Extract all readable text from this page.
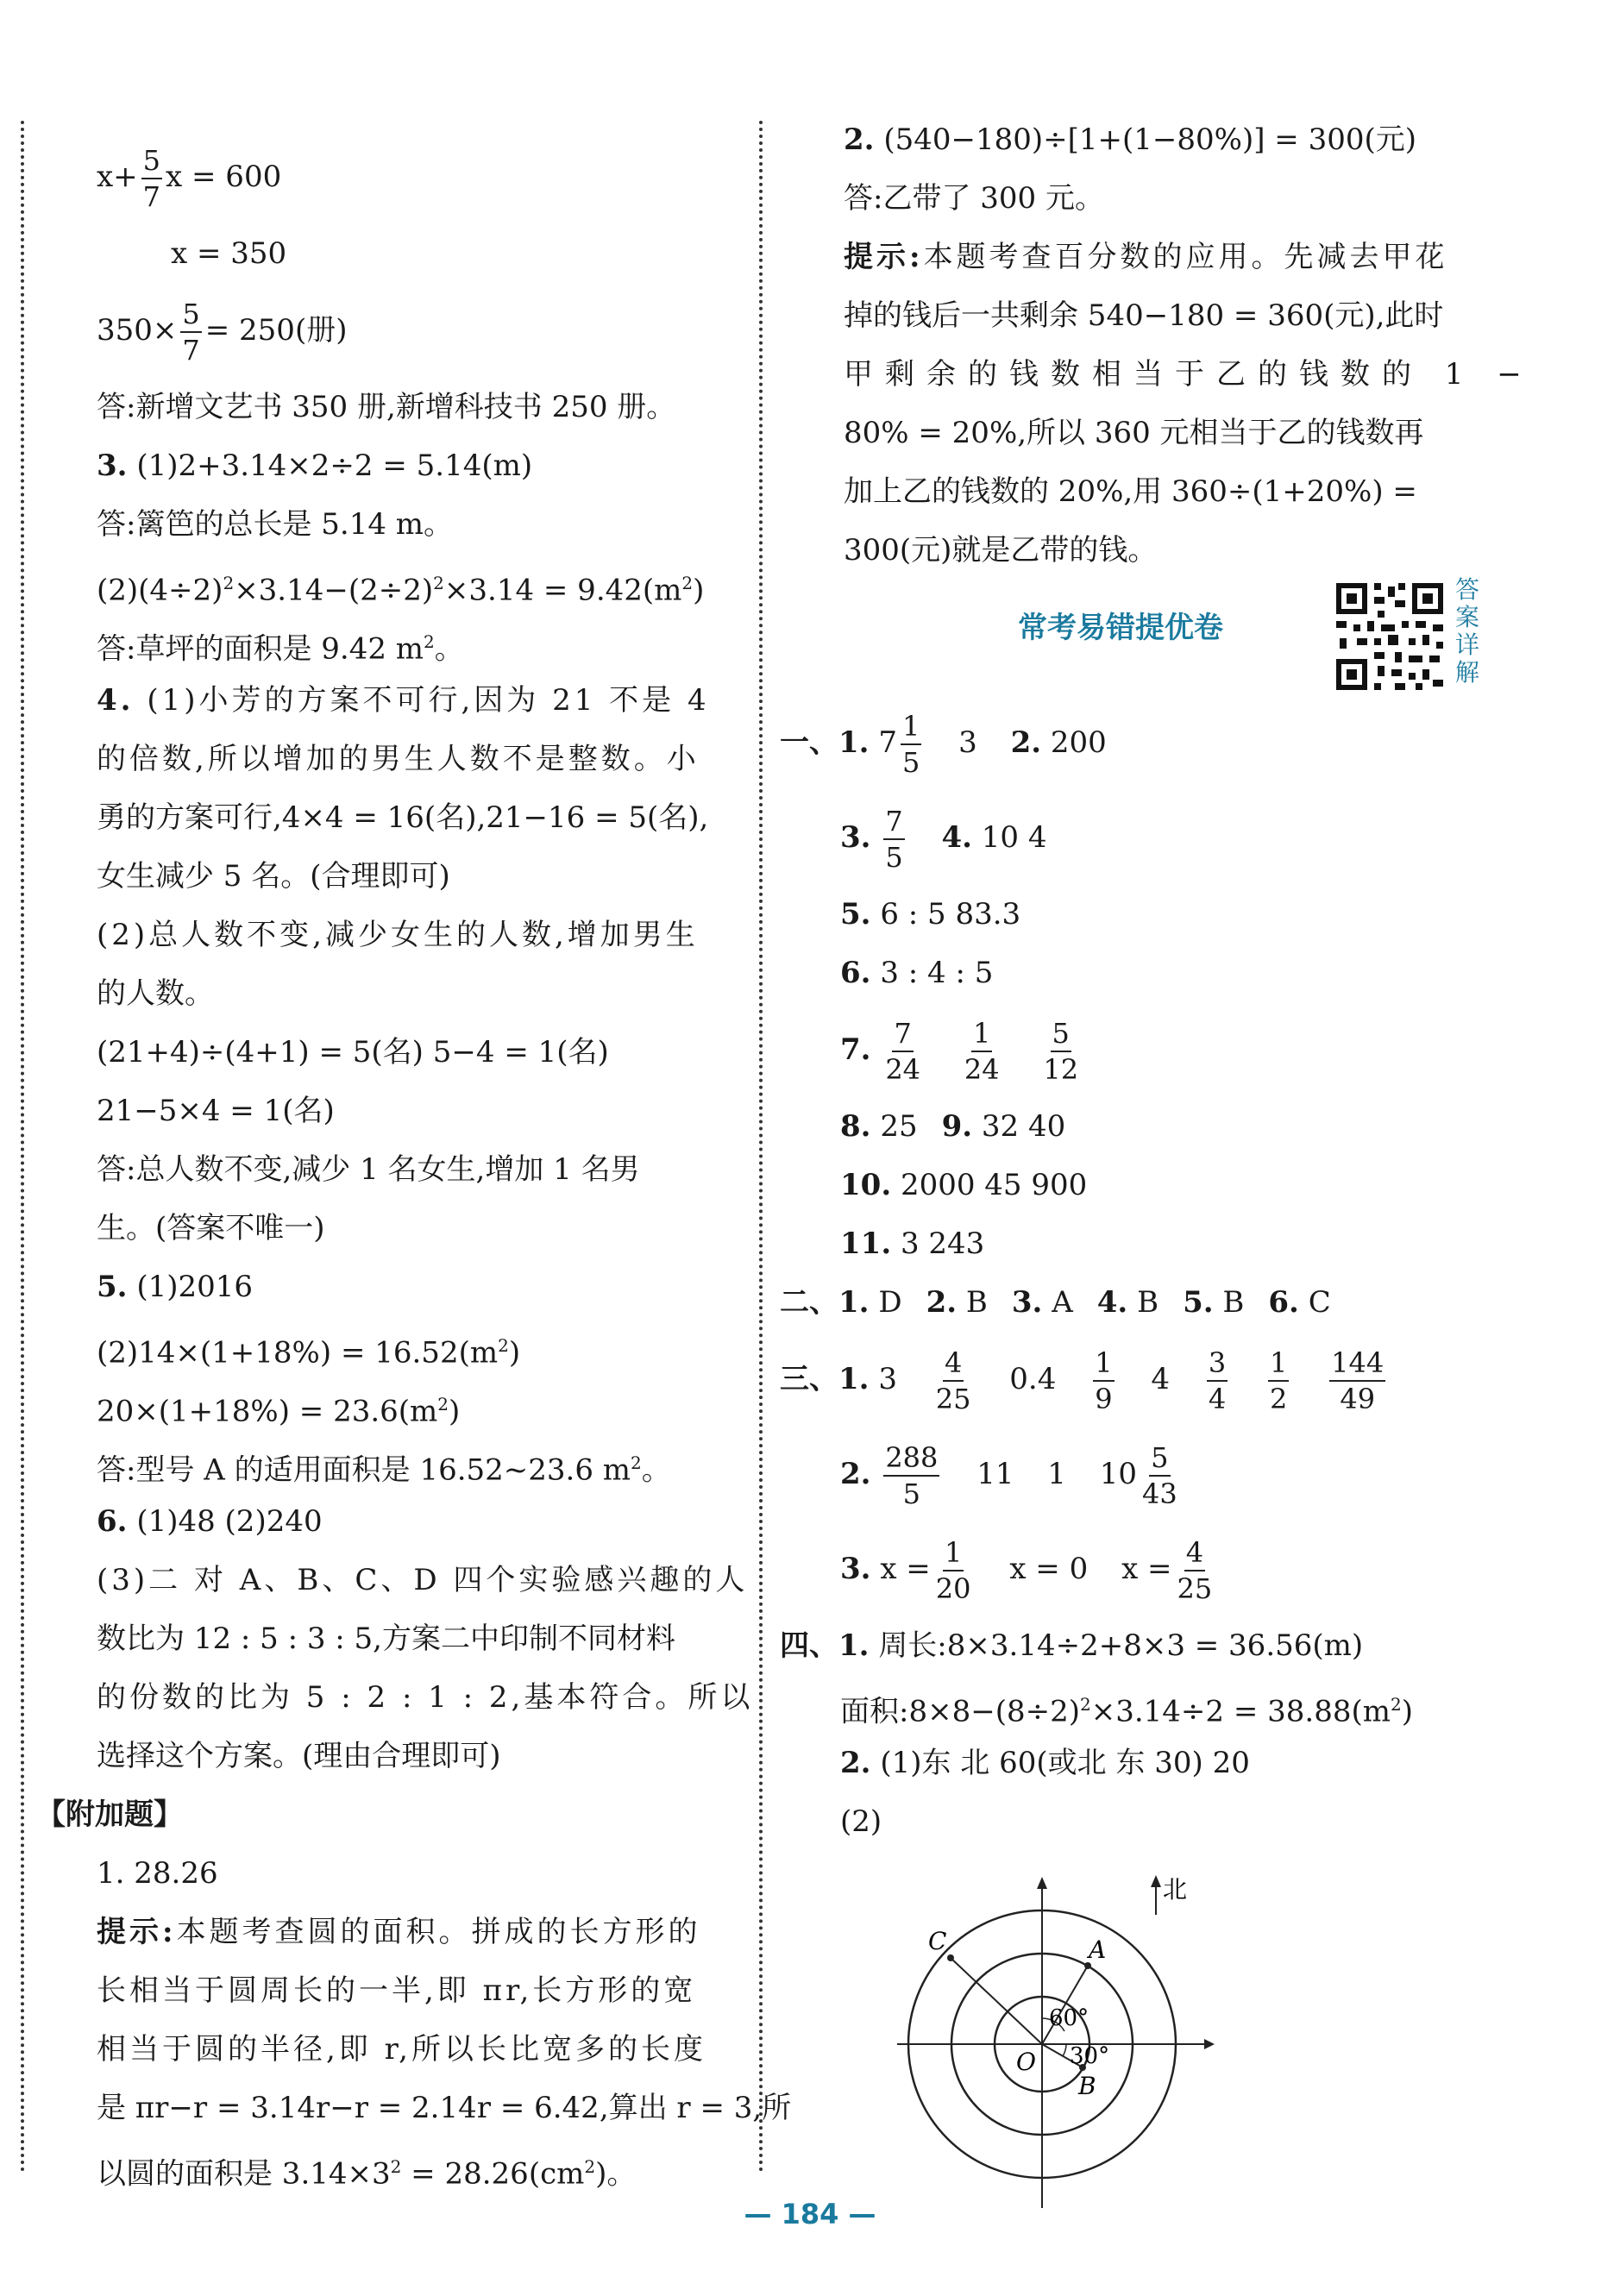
$x+ \frac{5}{7}$ x = 600
x = 350
$350\times \frac{5}{7} = 250$(册)
答:新增文艺书 350 册,新增科技书 250 册。
3. (1)2+3.14×2÷2 = 5.14(m)
答:篱笆的总长是 5.14 m。
$(2)(4\div 2)^2\times 3.14-(2\div 2)^2\times 3.14 = 9.42(m^2)$
答:草坪的面积是 9.42 $m^2$。
4. (1)小芳的方案不可行,因为 21 不是 4
的倍数,所以增加的男生人数不是整数。小
勇的方案可行,4×4 = 16(名),21−16 = 5(名),
女生减少 5 名。(合理即可)
(2)总人数不变,减少女生的人数,增加男生
的人数。
(21+4)÷(4+1) = 5(名) 5−4 = 1(名)
21−5×4 = 1(名)
答:总人数不变,减少 1 名女生,增加 1 名男
生。(答案不唯一)
5. (1)2016
$(2)14\times(1+18\%) = 16.52(m^2)$
$20\times(1+18\%) = 23.6(m^2)$
答:型号 A 的适用面积是 16.52~23.6 $m^2$。
6. (1)48 (2)240
(3)二 对 A、B、C、D 四个实验感兴趣的人
数比为 12 : 5 : 3 : 5,方案二中印制不同材料
的份数的比为 5 : 2 : 1 : 2,基本符合。所以
选择这个方案。(理由合理即可)
【附加题】
1. 28.26
提示:本题考查圆的面积。拼成的长方形的
长相当于圆周长的一半,即 πr,长方形的宽
相当于圆的半径,即 r,所以长比宽多的长度
是 πr−r = 3.14r−r = 2.14r = 6.42,算出 r = 3,所
以圆的面积是 $3.14\times 3^2 = 28.26(cm^2)$。
2. (540−180)÷[1+(1−80%)] = 300(元)
答:乙带了 300 元。
提示:本题考查百分数的应用。先减去甲花
掉的钱后一共剩余 540−180 = 360(元),此时
甲剩余的钱数相当于乙的钱数的 1 −
80% = 20%,所以 360 元相当于乙的钱数再
加上乙的钱数的 20%,用 360÷(1+20%) =
300(元)就是乙带的钱。
常考易错提优卷
答案详解
一、1. $7 \frac{1}{5} 3$ 2. 200
3. $\frac{7}{5} 4$. 10 4
5. 6 : 5 83.3
6. 3 : 4 : 5
7. $\frac{7}{24}$
$\frac{1}{24}$
$\frac{5}{12}$
8. 25 9. 32 40
10. 2000 45 900
11. 3 243
二、1. D 2. B 3. A 4. B 5. B 6. C
三、1. $3 \frac{4}{25} 0.4 \frac{1}{9} 4 \frac{3}{4}$
$\frac{1}{2}$
$\frac{144}{49}$
2. $\frac{288}{5} 11$ 1 $10 \frac{5}{43}$
3. $x = \frac{1}{20}$ x = 0 $x = \frac{4}{25}$
四、1. 周长:8×3.14÷2+8×3 = 36.56(m)
面积$:8\times 8-(8\div 2)^2\times 3.14\div 2 = 38.88(m^2)$
2. (1)东 北 60(或北 东 30) 20
(2)
C	A
O
B
60°
30°
北
— 184 —
